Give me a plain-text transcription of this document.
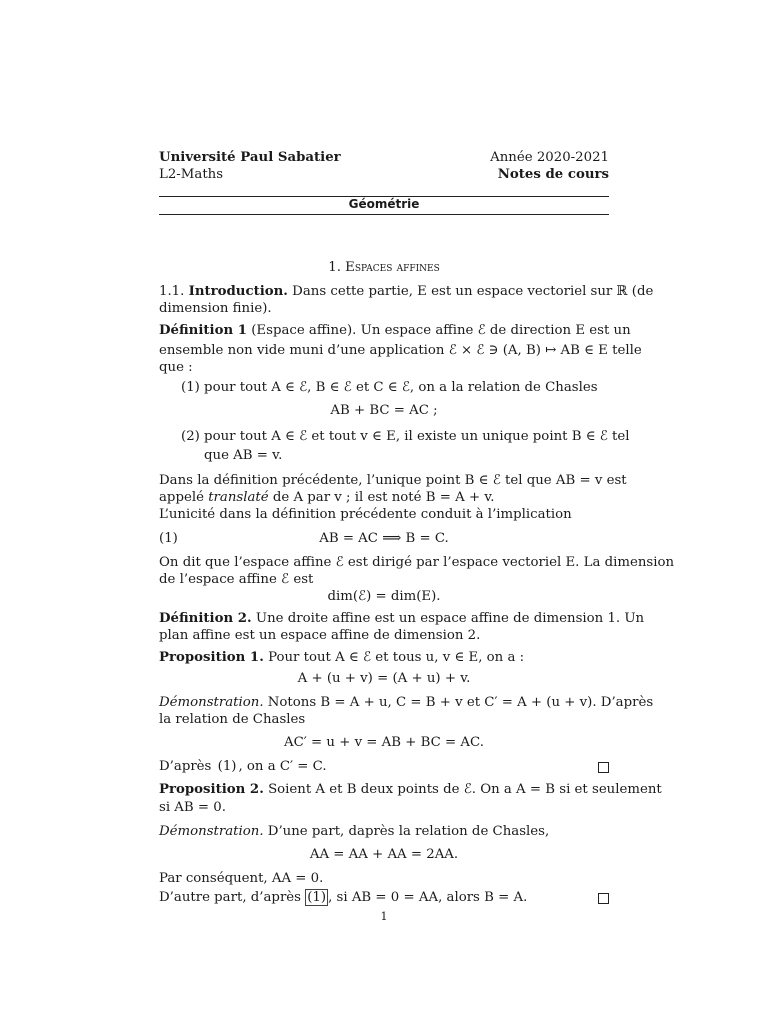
Université Paul Sabatier	Année 2020-2021
L2-Maths	Notes de cours
Géométrie
1. Espaces affines
1.1. Introduction. Dans cette partie, E est un espace vectoriel sur ℝ (de
dimension finie).
Définition 1 (Espace affine). Un espace affine ℰ de direction E est un
ensemble non vide muni d’une application ℰ × ℰ ∋ (A, B) ↦ AB ∈ E telle
que :
(1) pour tout A ∈ ℰ, B ∈ ℰ et C ∈ ℰ, on a la relation de Chasles
AB + BC = AC ;
(2) pour tout A ∈ ℰ et tout v ∈ E, il existe un unique point B ∈ ℰ tel
que AB = v.
Dans la définition précédente, l’unique point B ∈ ℰ tel que AB = v est
appelé translaté de A par v ; il est noté B = A + v.
L’unicité dans la définition précédente conduit à l’implication
(1)	AB = AC ⟹ B = C.
On dit que l’espace affine ℰ est dirigé par l’espace vectoriel E. La dimension
de l’espace affine ℰ est
dim(ℰ) = dim(E).
Définition 2. Une droite affine est un espace affine de dimension 1. Un
plan affine est un espace affine de dimension 2.
Proposition 1. Pour tout A ∈ ℰ et tous u, v ∈ E, on a :
A + (u + v) = (A + u) + v.
Démonstration. Notons B = A + u, C = B + v et C′ = A + (u + v). D’après
la relation de Chasles
AC′ = u + v = AB + BC = AC.
D’après (1) , on a C′ = C.
Proposition 2. Soient A et B deux points de ℰ. On a A = B si et seulement
si AB = 0.
Démonstration. D’une part, daprès la relation de Chasles,
AA = AA + AA = 2AA.
Par conséquent, AA = 0.
D’autre part, d’après (1) , si AB = 0 = AA, alors B = A.
1
